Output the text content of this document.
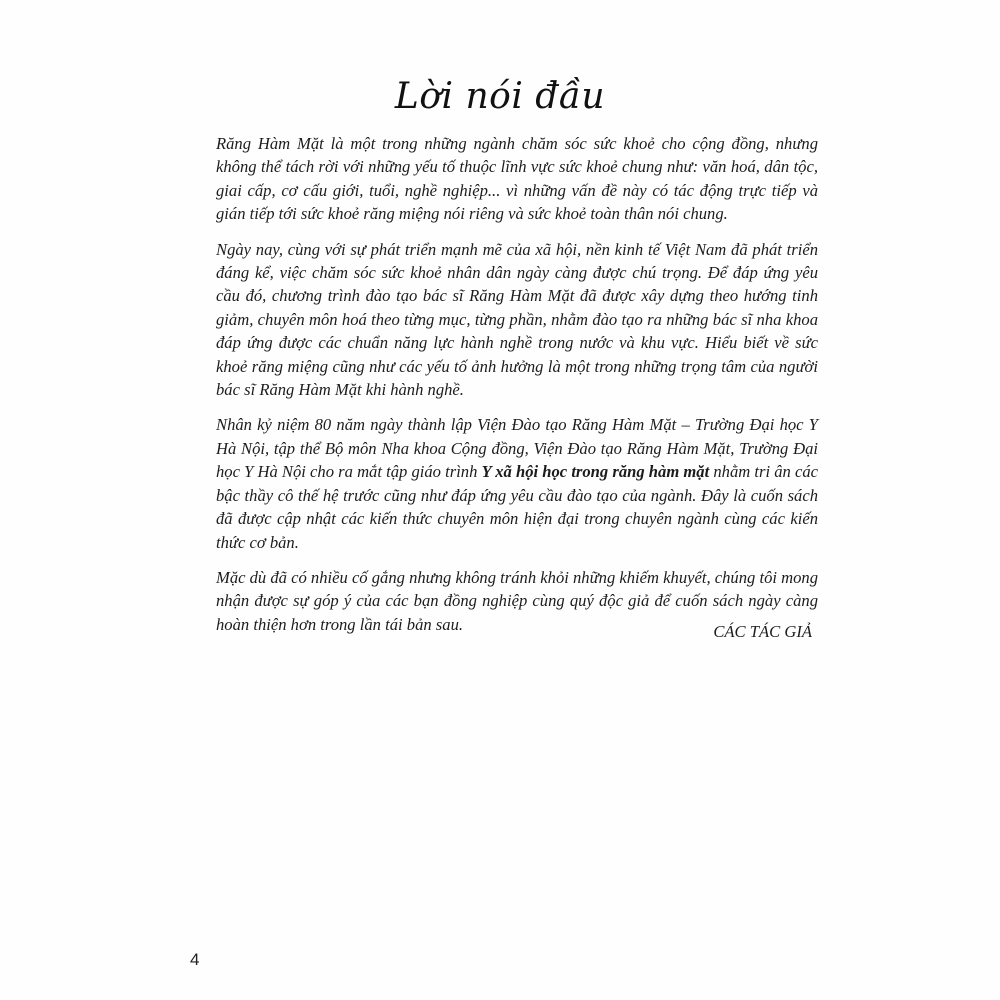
Lời nói đầu

Răng Hàm Mặt là một trong những ngành chăm sóc sức khoẻ cho cộng đồng, nhưng không thể tách rời với những yếu tố thuộc lĩnh vực sức khoẻ chung như: văn hoá, dân tộc, giai cấp, cơ cấu giới, tuổi, nghề nghiệp... vì những vấn đề này có tác động trực tiếp và gián tiếp tới sức khoẻ răng miệng nói riêng và sức khoẻ toàn thân nói chung.

Ngày nay, cùng với sự phát triển mạnh mẽ của xã hội, nền kinh tế Việt Nam đã phát triển đáng kể, việc chăm sóc sức khoẻ nhân dân ngày càng được chú trọng. Để đáp ứng yêu cầu đó, chương trình đào tạo bác sĩ Răng Hàm Mặt đã được xây dựng theo hướng tinh giảm, chuyên môn hoá theo từng mục, từng phần, nhằm đào tạo ra những bác sĩ nha khoa đáp ứng được các chuẩn năng lực hành nghề trong nước và khu vực. Hiểu biết về sức khoẻ răng miệng cũng như các yếu tố ảnh hưởng là một trong những trọng tâm của người bác sĩ Răng Hàm Mặt khi hành nghề.

Nhân kỷ niệm 80 năm ngày thành lập Viện Đào tạo Răng Hàm Mặt – Trường Đại học Y Hà Nội, tập thể Bộ môn Nha khoa Cộng đồng, Viện Đào tạo Răng Hàm Mặt, Trường Đại học Y Hà Nội cho ra mắt tập giáo trình Y xã hội học trong răng hàm mặt nhằm tri ân các bậc thầy cô thế hệ trước cũng như đáp ứng yêu cầu đào tạo của ngành. Đây là cuốn sách đã được cập nhật các kiến thức chuyên môn hiện đại trong chuyên ngành cùng các kiến thức cơ bản.

Mặc dù đã có nhiều cố gắng nhưng không tránh khỏi những khiếm khuyết, chúng tôi mong nhận được sự góp ý của các bạn đồng nghiệp cùng quý độc giả để cuốn sách ngày càng hoàn thiện hơn trong lần tái bản sau.	CÁC TÁC GIẢ
4
